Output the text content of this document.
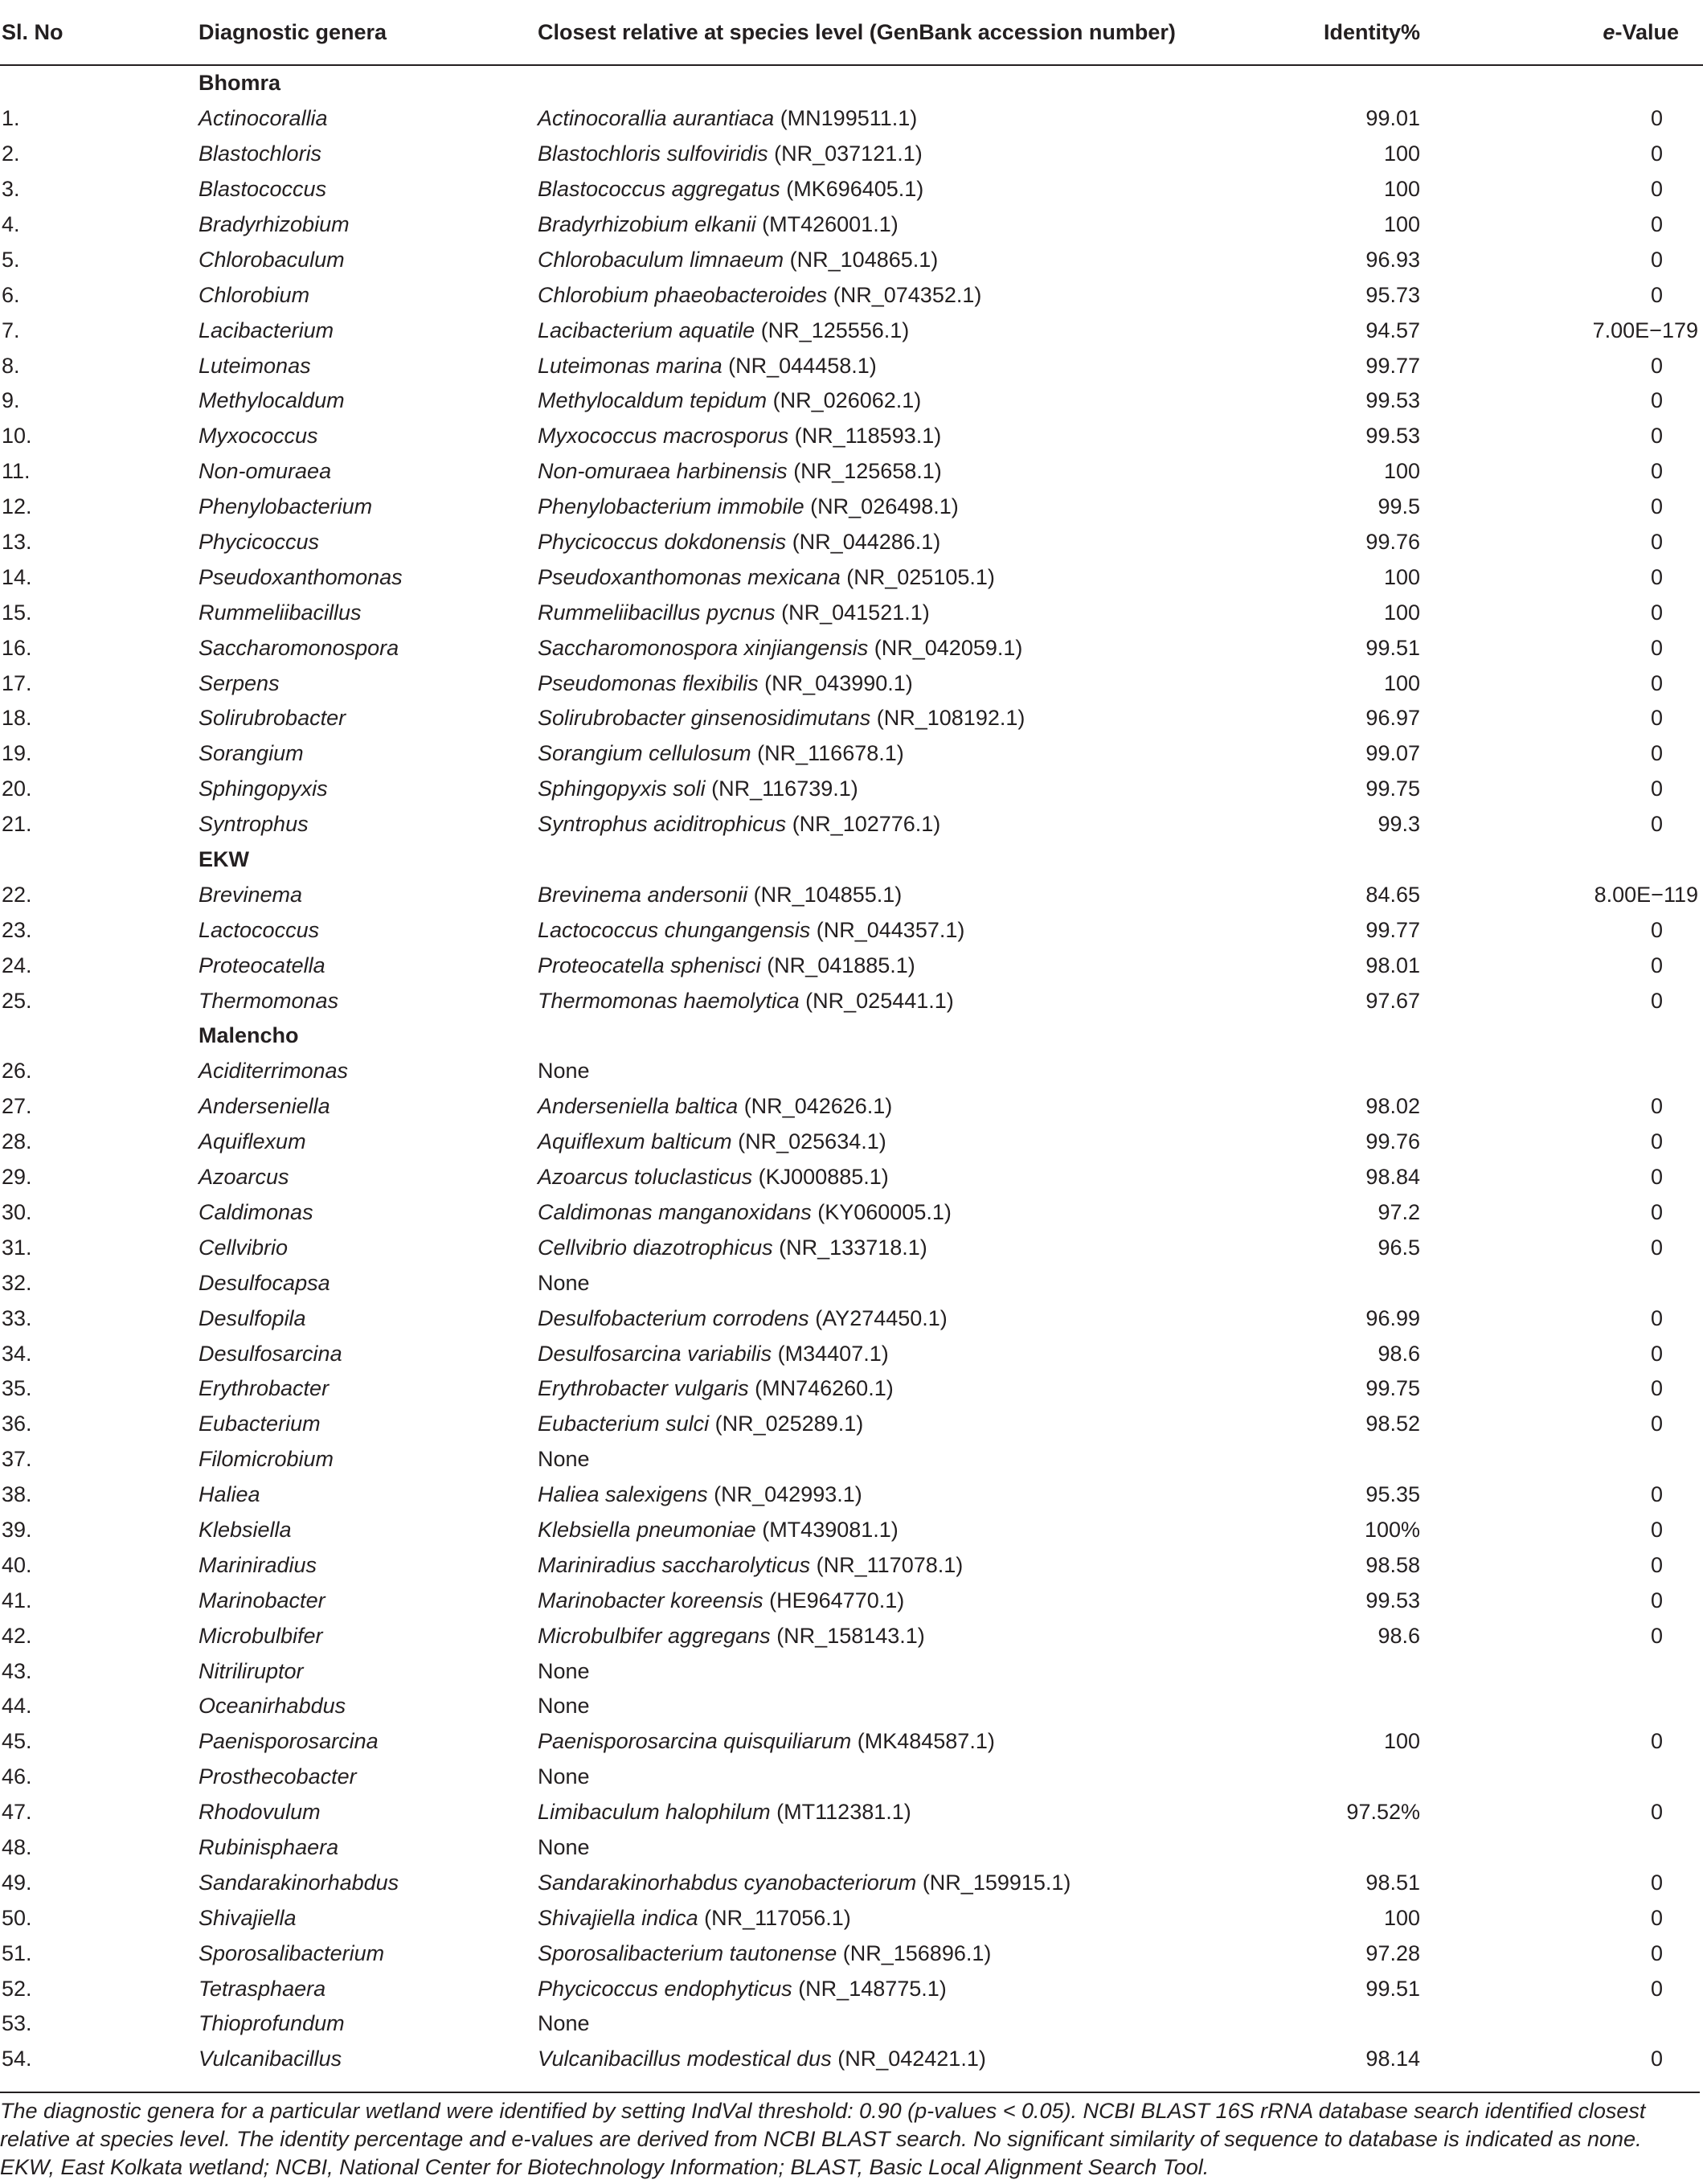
Sl. No	Diagnostic genera	Closest relative at species level (GenBank accession number)	Identity%	e-Value
	Bhomra			
1.	Actinocorallia	Actinocorallia aurantiaca (MN199511.1)	99.01	0
2.	Blastochloris	Blastochloris sulfoviridis (NR_037121.1)	100	0
3.	Blastococcus	Blastococcus aggregatus (MK696405.1)	100	0
4.	Bradyrhizobium	Bradyrhizobium elkanii (MT426001.1)	100	0
5.	Chlorobaculum	Chlorobaculum limnaeum (NR_104865.1)	96.93	0
6.	Chlorobium	Chlorobium phaeobacteroides (NR_074352.1)	95.73	0
7.	Lacibacterium	Lacibacterium aquatile (NR_125556.1)	94.57	7.00E−179
8.	Luteimonas	Luteimonas marina (NR_044458.1)	99.77	0
9.	Methylocaldum	Methylocaldum tepidum (NR_026062.1)	99.53	0
10.	Myxococcus	Myxococcus macrosporus (NR_118593.1)	99.53	0
11.	Non-omuraea	Non-omuraea harbinensis (NR_125658.1)	100	0
12.	Phenylobacterium	Phenylobacterium immobile (NR_026498.1)	99.5	0
13.	Phycicoccus	Phycicoccus dokdonensis (NR_044286.1)	99.76	0
14.	Pseudoxanthomonas	Pseudoxanthomonas mexicana (NR_025105.1)	100	0
15.	Rummeliibacillus	Rummeliibacillus pycnus (NR_041521.1)	100	0
16.	Saccharomonospora	Saccharomonospora xinjiangensis (NR_042059.1)	99.51	0
17.	Serpens	Pseudomonas flexibilis (NR_043990.1)	100	0
18.	Solirubrobacter	Solirubrobacter ginsenosidimutans (NR_108192.1)	96.97	0
19.	Sorangium	Sorangium cellulosum (NR_116678.1)	99.07	0
20.	Sphingopyxis	Sphingopyxis soli (NR_116739.1)	99.75	0
21.	Syntrophus	Syntrophus aciditrophicus (NR_102776.1)	99.3	0
	EKW			
22.	Brevinema	Brevinema andersonii (NR_104855.1)	84.65	8.00E−119
23.	Lactococcus	Lactococcus chungangensis (NR_044357.1)	99.77	0
24.	Proteocatella	Proteocatella sphenisci (NR_041885.1)	98.01	0
25.	Thermomonas	Thermomonas haemolytica (NR_025441.1)	97.67	0
	Malencho			
26.	Aciditerrimonas	None		
27.	Anderseniella	Anderseniella baltica (NR_042626.1)	98.02	0
28.	Aquiflexum	Aquiflexum balticum (NR_025634.1)	99.76	0
29.	Azoarcus	Azoarcus toluclasticus (KJ000885.1)	98.84	0
30.	Caldimonas	Caldimonas manganoxidans (KY060005.1)	97.2	0
31.	Cellvibrio	Cellvibrio diazotrophicus (NR_133718.1)	96.5	0
32.	Desulfocapsa	None		
33.	Desulfopila	Desulfobacterium corrodens (AY274450.1)	96.99	0
34.	Desulfosarcina	Desulfosarcina variabilis (M34407.1)	98.6	0
35.	Erythrobacter	Erythrobacter vulgaris (MN746260.1)	99.75	0
36.	Eubacterium	Eubacterium sulci (NR_025289.1)	98.52	0
37.	Filomicrobium	None		
38.	Haliea	Haliea salexigens (NR_042993.1)	95.35	0
39.	Klebsiella	Klebsiella pneumoniae (MT439081.1)	100%	0
40.	Mariniradius	Mariniradius saccharolyticus (NR_117078.1)	98.58	0
41.	Marinobacter	Marinobacter koreensis (HE964770.1)	99.53	0
42.	Microbulbifer	Microbulbifer aggregans (NR_158143.1)	98.6	0
43.	Nitriliruptor	None		
44.	Oceanirhabdus	None		
45.	Paenisporosarcina	Paenisporosarcina quisquiliarum (MK484587.1)	100	0
46.	Prosthecobacter	None		
47.	Rhodovulum	Limibaculum halophilum (MT112381.1)	97.52%	0
48.	Rubinisphaera	None		
49.	Sandarakinorhabdus	Sandarakinorhabdus cyanobacteriorum (NR_159915.1)	98.51	0
50.	Shivajiella	Shivajiella indica (NR_117056.1)	100	0
51.	Sporosalibacterium	Sporosalibacterium tautonense (NR_156896.1)	97.28	0
52.	Tetrasphaera	Phycicoccus endophyticus (NR_148775.1)	99.51	0
53.	Thioprofundum	None		
54.	Vulcanibacillus	Vulcanibacillus modestical dus (NR_042421.1)	98.14	0
The diagnostic genera for a particular wetland were identified by setting IndVal threshold: 0.90 (p-values < 0.05). NCBI BLAST 16S rRNA database search identified closest relative at species level. The identity percentage and e-values are derived from NCBI BLAST search. No significant similarity of sequence to database is indicated as none. EKW, East Kolkata wetland; NCBI, National Center for Biotechnology Information; BLAST, Basic Local Alignment Search Tool.
